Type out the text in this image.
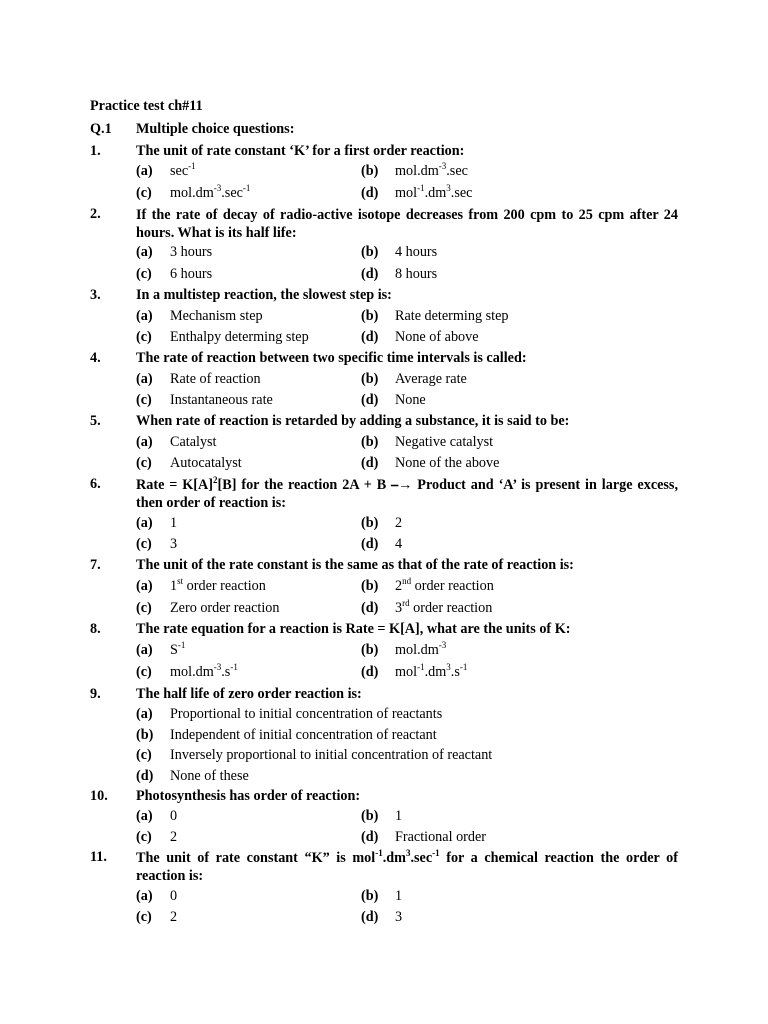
Practice test ch#11
Q.1 Multiple choice questions:
1. The unit of rate constant ‘K’ for a first order reaction:
(a) $\sec^{-1}$	(b) $mol.dm^{-3}.\sec$
(c) $mol.dm^{-3}.\sec^{-1}$	(d) $mol^{-1}.dm^3.\sec$
2. If the rate of decay of radio-active isotope decreases from 200 cpm to 25 cpm after 24 hours. What is its half life:
(a) 3 hours	(b) 4 hours
(c) 6 hours	(d) 8 hours
3. In a multistep reaction, the slowest step is:
(a) Mechanism step	(b) Rate determing step
(c) Enthalpy determing step	(d) None of above
4. The rate of reaction between two specific time intervals is called:
(a) Rate of reaction	(b) Average rate
(c) Instantaneous rate	(d) None
5. When rate of reaction is retarded by adding a substance, it is said to be:
(a) Catalyst	(b) Negative catalyst
(c) Autocatalyst	(d) None of the above
6. Rate = $K[A]^2[B]$ for the reaction 2A + B ⎯→ Product and ‘A’ is present in large excess, then order of reaction is:
(a) 1	(b) 2
(c) 3	(d) 4
7. The unit of the rate constant is the same as that of the rate of reaction is:
(a) 1st order reaction	(b) 2nd order reaction
(c) Zero order reaction	(d) 3rd order reaction
8. The rate equation for a reaction is Rate = K[A], what are the units of K:
(a) $S^{-1}$	(b) $mol.dm^{-3}$
(c) $mol.dm^{-3}.s^{-1}$	(d) $mol^{-1}.dm^3.s^{-1}$
9. The half life of zero order reaction is:
(a) Proportional to initial concentration of reactants
(b) Independent of initial concentration of reactant
(c) Inversely proportional to initial concentration of reactant
(d) None of these
10. Photosynthesis has order of reaction:
(a) 0	(b) 1
(c) 2	(d) Fractional order
11. The unit of rate constant “K” is $mol^{-1}.dm^3.\sec^{-1}$ for a chemical reaction the order of reaction is:
(a) 0	(b) 1
(c) 2	(d) 3
